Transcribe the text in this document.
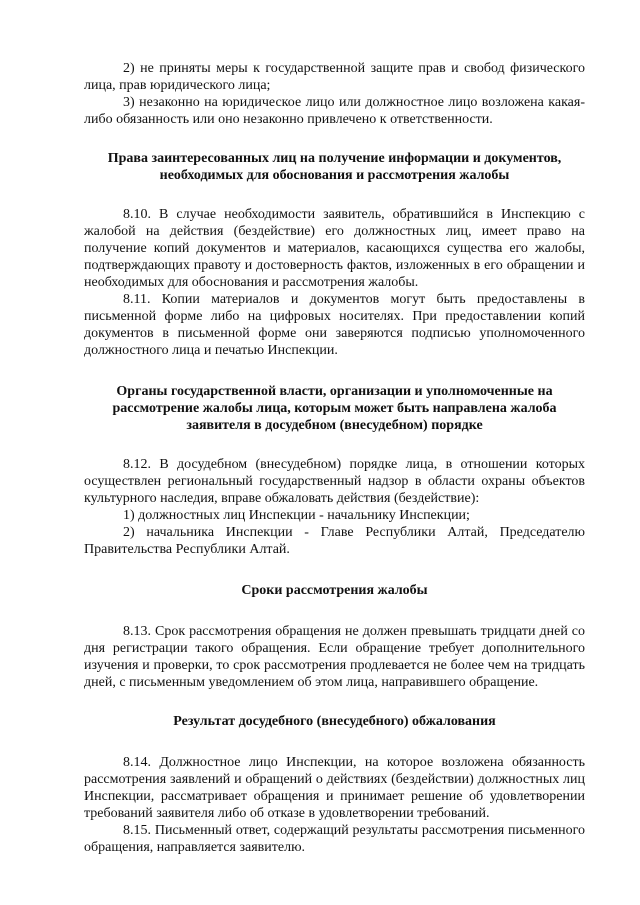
2) не приняты меры к государственной защите прав и свобод физического лица, прав юридического лица;

3) незаконно на юридическое лицо или должностное лицо возложена какая-либо обязанность или оно незаконно привлечено к ответственности.

Права заинтересованных лиц на получение информации и документов, необходимых для обоснования и рассмотрения жалобы

8.10. В случае необходимости заявитель, обратившийся в Инспекцию с жалобой на действия (бездействие) его должностных лиц, имеет право на получение копий документов и материалов, касающихся существа его жалобы, подтверждающих правоту и достоверность фактов, изложенных в его обращении и необходимых для обоснования и рассмотрения жалобы.

8.11. Копии материалов и документов могут быть предоставлены в письменной форме либо на цифровых носителях. При предоставлении копий документов в письменной форме они заверяются подписью уполномоченного должностного лица и печатью Инспекции.

Органы государственной власти, организации и уполномоченные на рассмотрение жалобы лица, которым может быть направлена жалоба заявителя в досудебном (внесудебном) порядке

8.12. В досудебном (внесудебном) порядке лица, в отношении которых осуществлен региональный государственный надзор в области охраны объектов культурного наследия, вправе обжаловать действия (бездействие):

1) должностных лиц Инспекции - начальнику Инспекции;

2) начальника Инспекции - Главе Республики Алтай, Председателю Правительства Республики Алтай.

Сроки рассмотрения жалобы

8.13. Срок рассмотрения обращения не должен превышать тридцати дней со дня регистрации такого обращения. Если обращение требует дополнительного изучения и проверки, то срок рассмотрения продлевается не более чем на тридцать дней, с письменным уведомлением об этом лица, направившего обращение.

Результат досудебного (внесудебного) обжалования

8.14. Должностное лицо Инспекции, на которое возложена обязанность рассмотрения заявлений и обращений о действиях (бездействии) должностных лиц Инспекции, рассматривает обращения и принимает решение об удовлетворении требований заявителя либо об отказе в удовлетворении требований.

8.15. Письменный ответ, содержащий результаты рассмотрения письменного обращения, направляется заявителю.
